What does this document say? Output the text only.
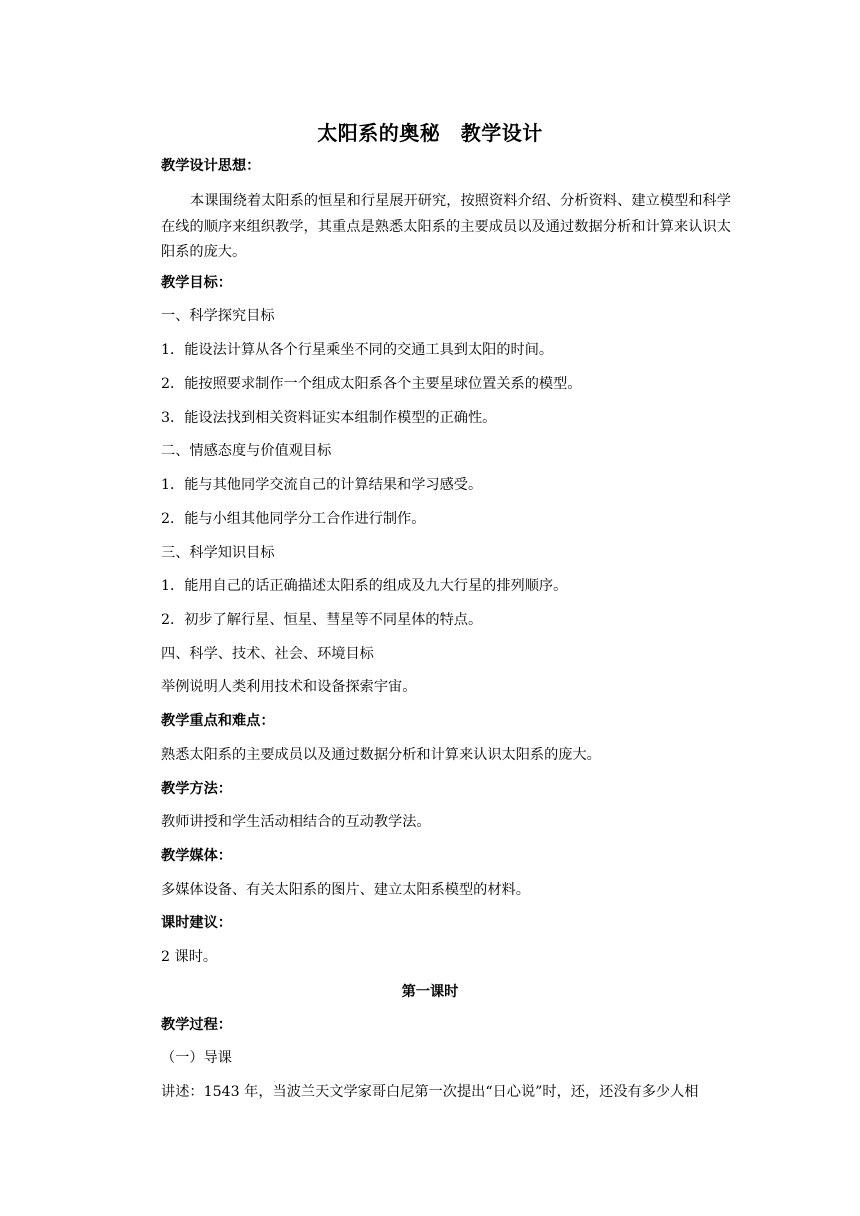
太阳系的奥秘　教学设计
教学设计思想：
本课围绕着太阳系的恒星和行星展开研究，按照资料介绍、分析资料、建立模型和科学在线的顺序来组织教学，其重点是熟悉太阳系的主要成员以及通过数据分析和计算来认识太阳系的庞大。
教学目标：
一、科学探究目标
1．能设法计算从各个行星乘坐不同的交通工具到太阳的时间。
2．能按照要求制作一个组成太阳系各个主要星球位置关系的模型。
3．能设法找到相关资料证实本组制作模型的正确性。
二、情感态度与价值观目标
1．能与其他同学交流自己的计算结果和学习感受。
2．能与小组其他同学分工合作进行制作。
三、科学知识目标
1．能用自己的话正确描述太阳系的组成及九大行星的排列顺序。
2．初步了解行星、恒星、彗星等不同星体的特点。
四、科学、技术、社会、环境目标
举例说明人类利用技术和设备探索宇宙。
教学重点和难点：
熟悉太阳系的主要成员以及通过数据分析和计算来认识太阳系的庞大。
教学方法：
教师讲授和学生活动相结合的互动教学法。
教学媒体：
多媒体设备、有关太阳系的图片、建立太阳系模型的材料。
课时建议：
2 课时。
第一课时
教学过程：
（一）导课
讲述：1543 年，当波兰天文学家哥白尼第一次提出“日心说”时，还，还没有多少人相
